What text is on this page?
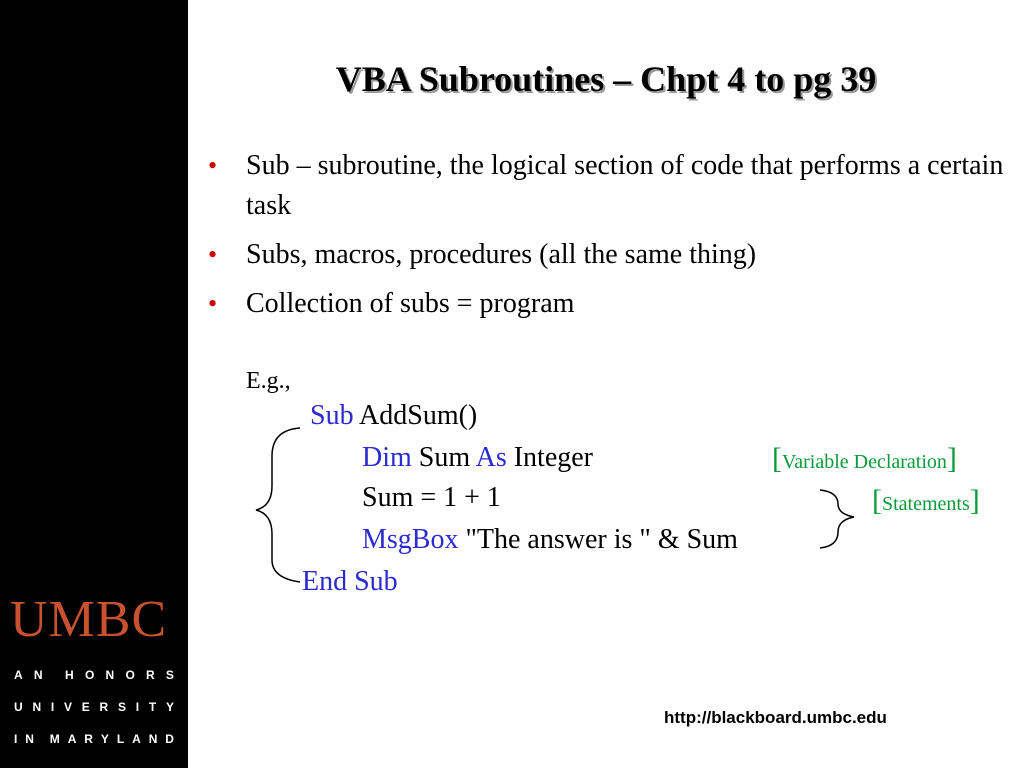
UMBC
A N H O N O R S
U N I V E R S I T Y
I N M A R Y L A N D
VBA Subroutines – Chpt 4 to pg 39
• Sub – subroutine, the logical section of code that performs a certain task
• Subs, macros, procedures (all the same thing)
• Collection of subs = program
E.g.,
Sub AddSum()
Dim Sum As Integer
Sum = 1 + 1
MsgBox "The answer is " & Sum
End Sub
[Variable Declaration]
[Statements]
http://blackboard.umbc.edu
